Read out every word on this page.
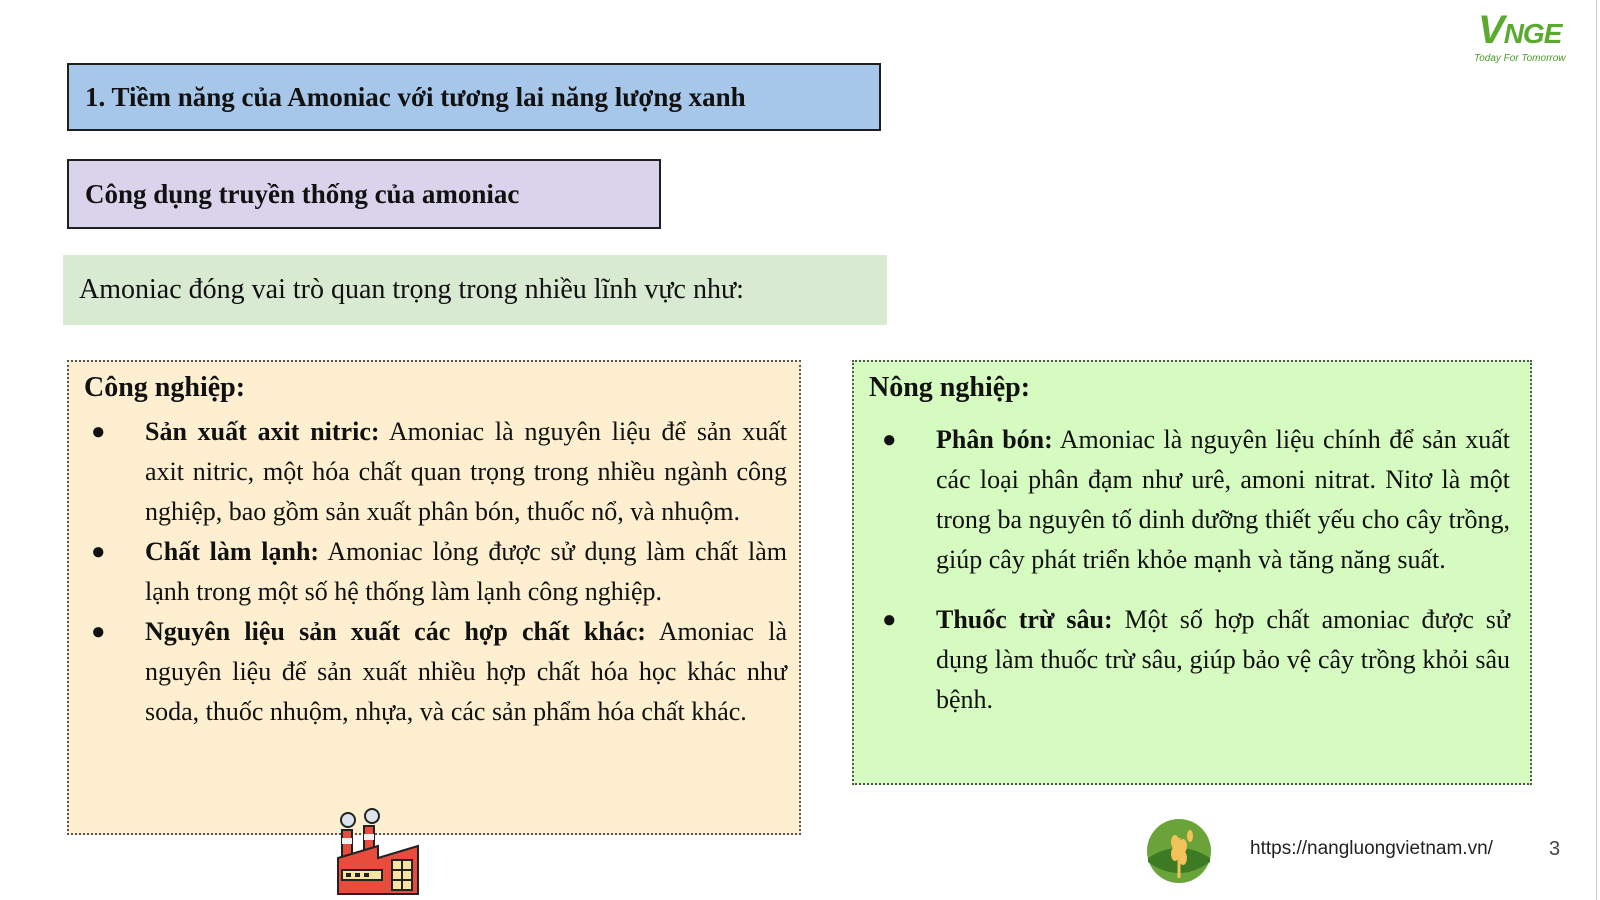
VNGE
Today For Tomorrow
1. Tiềm năng của Amoniac với tương lai năng lượng xanh
Công dụng truyền thống của amoniac
Amoniac đóng vai trò quan trọng trong nhiều lĩnh vực như:
Công nghiệp:
● Sản xuất axit nitric: Amoniac là nguyên liệu để sản xuất axit nitric, một hóa chất quan trọng trong nhiều ngành công nghiệp, bao gồm sản xuất phân bón, thuốc nổ, và nhuộm.
● Chất làm lạnh: Amoniac lỏng được sử dụng làm chất làm lạnh trong một số hệ thống làm lạnh công nghiệp.
● Nguyên liệu sản xuất các hợp chất khác: Amoniac là nguyên liệu để sản xuất nhiều hợp chất hóa học khác như soda, thuốc nhuộm, nhựa, và các sản phẩm hóa chất khác.
Nông nghiệp:
● Phân bón: Amoniac là nguyên liệu chính để sản xuất các loại phân đạm như urê, amoni nitrat. Nitơ là một trong ba nguyên tố dinh dưỡng thiết yếu cho cây trồng, giúp cây phát triển khỏe mạnh và tăng năng suất.
● Thuốc trừ sâu: Một số hợp chất amoniac được sử dụng làm thuốc trừ sâu, giúp bảo vệ cây trồng khỏi sâu bệnh.
https://nangluongvietnam.vn/	3
